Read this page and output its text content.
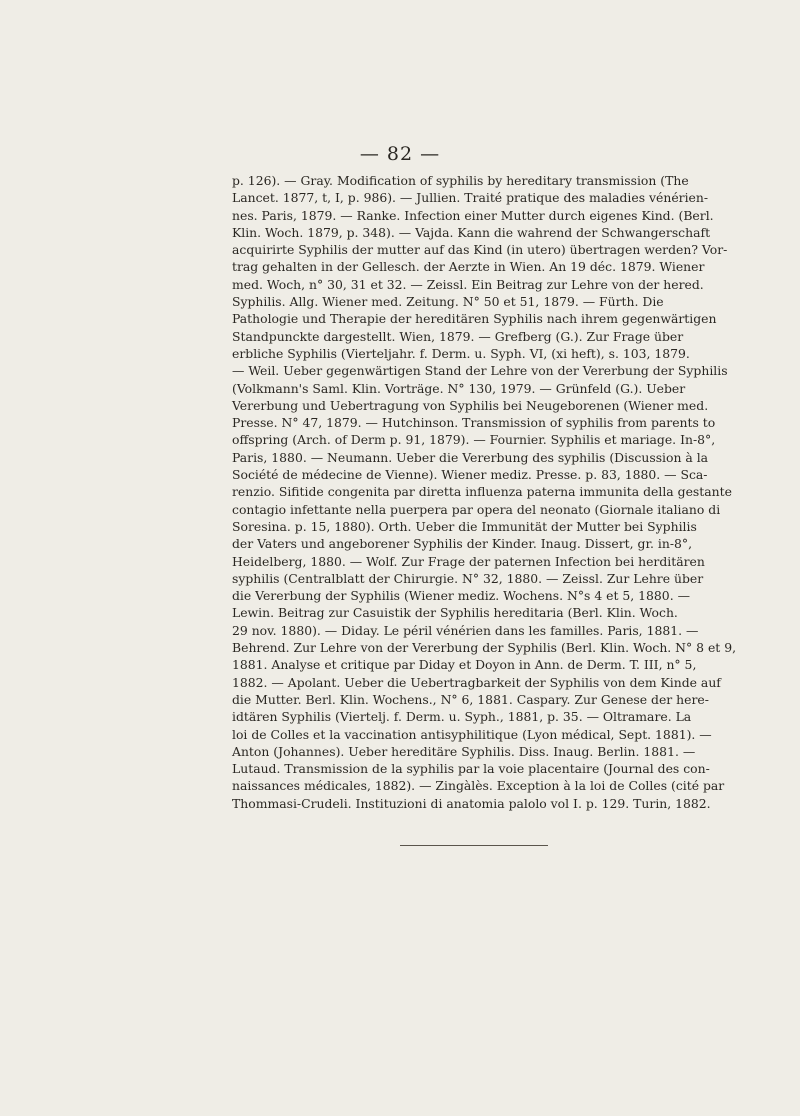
— 82 —
p. 126). — Gray. Modification of syphilis by hereditary transmission (The
Lancet. 1877, t, I, p. 986). — Jullien. Traité pratique des maladies vénérien-
nes. Paris, 1879. — Ranke. Infection einer Mutter durch eigenes Kind. (Berl.
Klin. Woch. 1879, p. 348). — Vajda. Kann die wahrend der Schwangerschaft
acquirirte Syphilis der mutter auf das Kind (in utero) übertragen werden? Vor-
trag gehalten in der Gellesch. der Aerzte in Wien. An 19 déc. 1879. Wiener
med. Woch, n° 30, 31 et 32. — Zeissl. Ein Beitrag zur Lehre von der hered.
Syphilis. Allg. Wiener med. Zeitung. N° 50 et 51, 1879. — Fürth. Die
Pathologie und Therapie der hereditären Syphilis nach ihrem gegenwärtigen
Standpunckte dargestellt. Wien, 1879. — Grefberg (G.). Zur Frage über
erbliche Syphilis (Vierteljahr. f. Derm. u. Syph. VI, (xi heft), s. 103, 1879.
— Weil. Ueber gegenwärtigen Stand der Lehre von der Vererbung der Syphilis
(Volkmann's Saml. Klin. Vorträge. N° 130, 1979. — Grünfeld (G.). Ueber
Vererbung und Uebertragung von Syphilis bei Neugeborenen (Wiener med.
Presse. N° 47, 1879. — Hutchinson. Transmission of syphilis from parents to
offspring (Arch. of Derm p. 91, 1879). — Fournier. Syphilis et mariage. In-8°,
Paris, 1880. — Neumann. Ueber die Vererbung des syphilis (Discussion à la
Société de médecine de Vienne). Wiener mediz. Presse. p. 83, 1880. — Sca-
renzio. Sifitide congenita par diretta influenza paterna immunita della gestante
contagio infettante nella puerpera par opera del neonato (Giornale italiano di
Soresina. p. 15, 1880). Orth. Ueber die Immunität der Mutter bei Syphilis
der Vaters und angeborener Syphilis der Kinder. Inaug. Dissert, gr. in-8°,
Heidelberg, 1880. — Wolf. Zur Frage der paternen Infection bei herditären
syphilis (Centralblatt der Chirurgie. N° 32, 1880. — Zeissl. Zur Lehre über
die Vererbung der Syphilis (Wiener mediz. Wochens. N°s 4 et 5, 1880. —
Lewin. Beitrag zur Casuistik der Syphilis hereditaria (Berl. Klin. Woch.
29 nov. 1880). — Diday. Le péril vénérien dans les familles. Paris, 1881. —
Behrend. Zur Lehre von der Vererbung der Syphilis (Berl. Klin. Woch. N° 8 et 9,
1881. Analyse et critique par Diday et Doyon in Ann. de Derm. T. III, n° 5,
1882. — Apolant. Ueber die Uebertragbarkeit der Syphilis von dem Kinde auf
die Mutter. Berl. Klin. Wochens., N° 6, 1881. Caspary. Zur Genese der here-
idtären Syphilis (Viertelj. f. Derm. u. Syph., 1881, p. 35. — Oltramare. La
loi de Colles et la vaccination antisyphilitique (Lyon médical, Sept. 1881). —
Anton (Johannes). Ueber hereditäre Syphilis. Diss. Inaug. Berlin. 1881. —
Lutaud. Transmission de la syphilis par la voie placentaire (Journal des con-
naissances médicales, 1882). — Zingàlès. Exception à la loi de Colles (cité par
Thommasi-Crudeli. Instituzioni di anatomia palolo vol I. p. 129. Turin, 1882.
